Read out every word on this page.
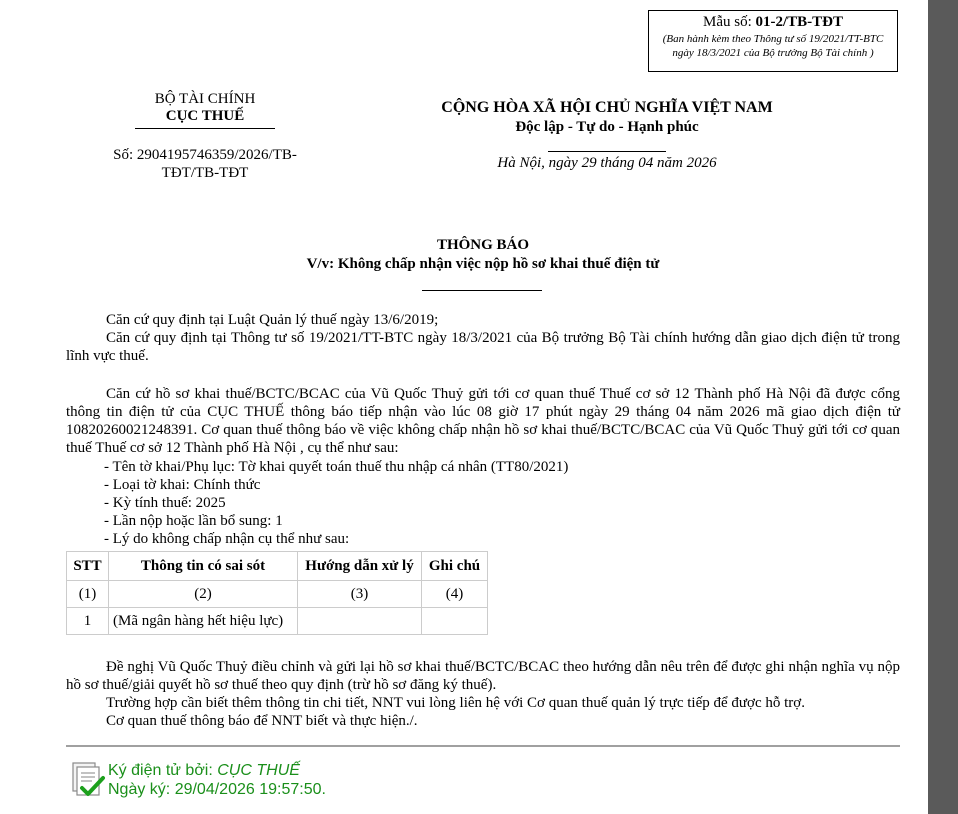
Mẫu số: 01-2/TB-TĐT
(Ban hành kèm theo Thông tư số 19/2021/TT-BTC
ngày 18/3/2021 của Bộ trưởng Bộ Tài chính )
BỘ TÀI CHÍNH
CỤC THUẾ
Số: 2904195746359/2026/TB-
TĐT/TB-TĐT
CỘNG HÒA XÃ HỘI CHỦ NGHĨA VIỆT NAM
Độc lập - Tự do - Hạnh phúc
Hà Nội, ngày 29 tháng 04 năm 2026
THÔNG BÁO
V/v: Không chấp nhận việc nộp hồ sơ khai thuế điện tử

Căn cứ quy định tại Luật Quản lý thuế ngày 13/6/2019;

Căn cứ quy định tại Thông tư số 19/2021/TT-BTC ngày 18/3/2021 của Bộ trưởng Bộ Tài chính hướng dẫn giao dịch điện tử trong lĩnh vực thuế.

Căn cứ hồ sơ khai thuế/BCTC/BCAC của Vũ Quốc Thuỷ gửi tới cơ quan thuế Thuế cơ sở 12 Thành phố Hà Nội đã được cổng thông tin điện tử của CỤC THUẾ thông báo tiếp nhận vào lúc 08 giờ 17 phút ngày 29 tháng 04 năm 2026 mã giao dịch điện tử 10820260021248391. Cơ quan thuế thông báo về việc không chấp nhận hồ sơ khai thuế/BCTC/BCAC của Vũ Quốc Thuỷ gửi tới cơ quan thuế Thuế cơ sở 12 Thành phố Hà Nội , cụ thể như sau:

- Tên tờ khai/Phụ lục: Tờ khai quyết toán thuế thu nhập cá nhân (TT80/2021)
- Loại tờ khai: Chính thức
- Kỳ tính thuế: 2025
- Lần nộp hoặc lần bổ sung: 1
- Lý do không chấp nhận cụ thể như sau:
STT	Thông tin có sai sót	Hướng dẫn xử lý	Ghi chú
(1)	(2)	(3)	(4)
1	(Mã ngân hàng hết hiệu lực)		

Đề nghị Vũ Quốc Thuỷ điều chỉnh và gửi lại hồ sơ khai thuế/BCTC/BCAC theo hướng dẫn nêu trên để được ghi nhận nghĩa vụ nộp hồ sơ thuế/giải quyết hồ sơ thuế theo quy định (trừ hồ sơ đăng ký thuế).

Trường hợp cần biết thêm thông tin chi tiết, NNT vui lòng liên hệ với Cơ quan thuế quản lý trực tiếp để được hỗ trợ.

Cơ quan thuế thông báo để NNT biết và thực hiện./.

Ký điện tử bởi: CỤC THUẾ
Ngày ký: 29/04/2026 19:57:50.
